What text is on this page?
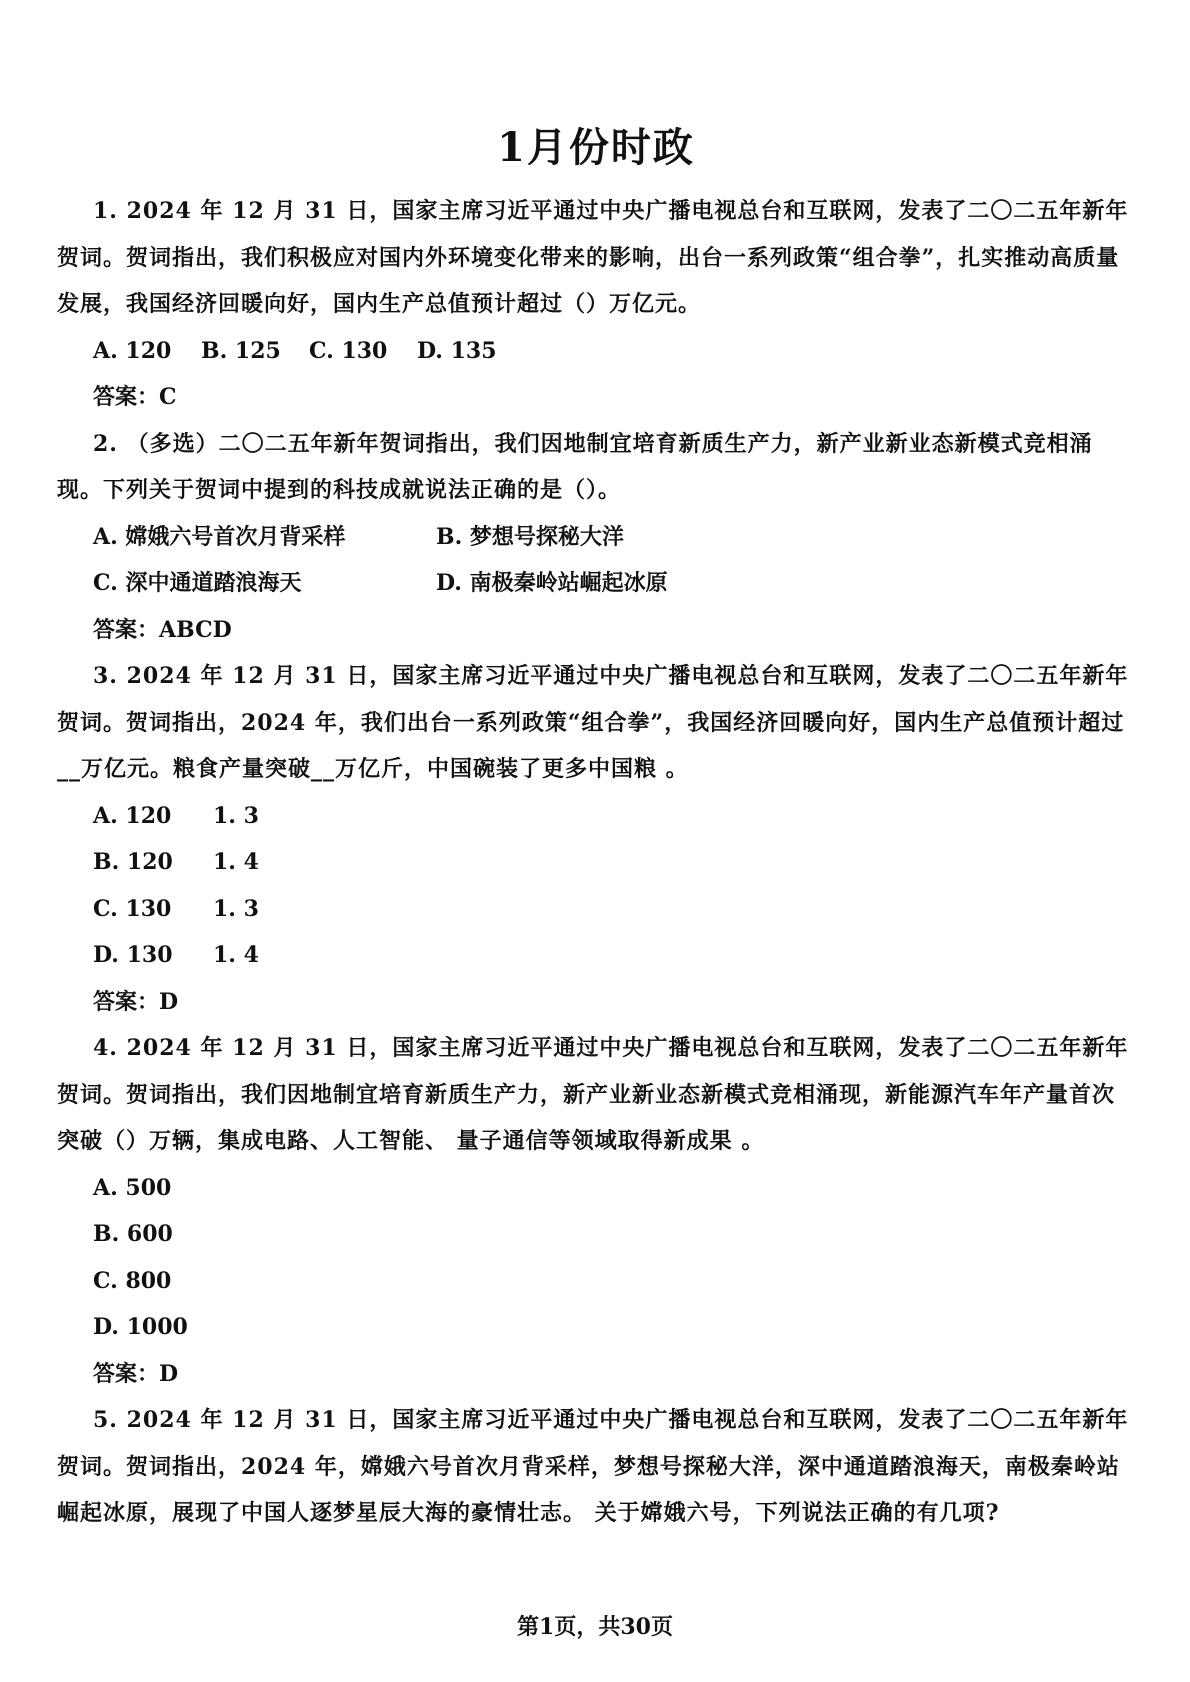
1月份时政

1. 2024 年 12 月 31 日，国家主席习近平通过中央广播电视总台和互联网，发表了二〇二五年新年贺词。贺词指出，我们积极应对国内外环境变化带来的影响，出台一系列政策“组合拳”，扎实推动高质量发展，我国经济回暖向好，国内生产总值预计超过（）万亿元。

A. 120 B. 125 C. 130 D. 135

答案：C

2. （多选）二〇二五年新年贺词指出，我们因地制宜培育新质生产力，新产业新业态新模式竞相涌现。下列关于贺词中提到的科技成就说法正确的是（）。

A. 嫦娥六号首次月背采样	B. 梦想号探秘大洋
C. 深中通道踏浪海天	D. 南极秦岭站崛起冰原

答案：ABCD

3. 2024 年 12 月 31 日，国家主席习近平通过中央广播电视总台和互联网，发表了二〇二五年新年贺词。贺词指出，2024 年，我们出台一系列政策“组合拳”，我国经济回暖向好，国内生产总值预计超过__万亿元。粮食产量突破__万亿斤，中国碗装了更多中国粮 。

A. 120 1. 3
B. 120 1. 4
C. 130 1. 3
D. 130 1. 4

答案：D

4. 2024 年 12 月 31 日，国家主席习近平通过中央广播电视总台和互联网，发表了二〇二五年新年贺词。贺词指出，我们因地制宜培育新质生产力，新产业新业态新模式竞相涌现，新能源汽车年产量首次突破（）万辆，集成电路、人工智能、 量子通信等领域取得新成果 。

A. 500
B. 600
C. 800
D. 1000

答案：D

5. 2024 年 12 月 31 日，国家主席习近平通过中央广播电视总台和互联网，发表了二〇二五年新年贺词。贺词指出，2024 年，嫦娥六号首次月背采样，梦想号探秘大洋，深中通道踏浪海天，南极秦岭站崛起冰原，展现了中国人逐梦星辰大海的豪情壮志。 关于嫦娥六号，下列说法正确的有几项?

第1页，共30页
